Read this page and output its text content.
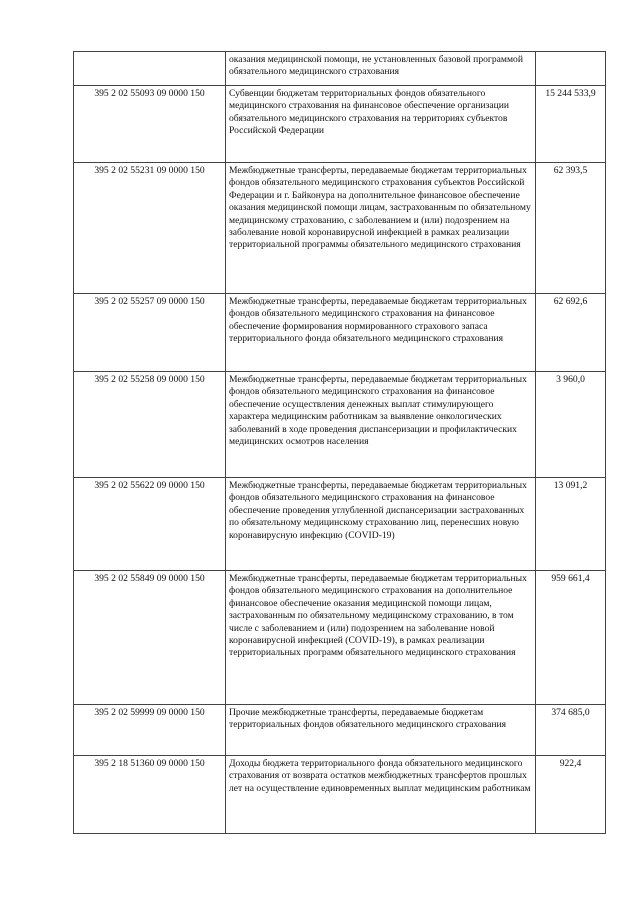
	оказания медицинской помощи, не установленных базовой программой обязательного медицинского страхования	
395 2 02 55093 09 0000 150	Субвенции бюджетам территориальных фондов обязательного медицинского страхования на финансовое обеспечение организации обязательного медицинского страхования на территориях субъектов Российской Федерации	15 244 533,9
395 2 02 55231 09 0000 150	Межбюджетные трансферты, передаваемые бюджетам территориальных фондов обязательного медицинского страхования субъектов Российской Федерации и г. Байконура на дополнительное финансовое обеспечение оказания медицинской помощи лицам, застрахованным по обязательному медицинскому страхованию, с заболеванием и (или) подозрением на заболевание новой коронавирусной инфекцией в рамках реализации территориальной программы обязательного медицинского страхования	62 393,5
395 2 02 55257 09 0000 150	Межбюджетные трансферты, передаваемые бюджетам территориальных фондов обязательного медицинского страхования на финансовое обеспечение формирования нормированного страхового запаса территориального фонда обязательного медицинского страхования	62 692,6
395 2 02 55258 09 0000 150	Межбюджетные трансферты, передаваемые бюджетам территориальных фондов обязательного медицинского страхования на финансовое обеспечение осуществления денежных выплат стимулирующего характера медицинским работникам за выявление онкологических заболеваний в ходе проведения диспансеризации и профилактических медицинских осмотров населения	3 960,0
395 2 02 55622 09 0000 150	Межбюджетные трансферты, передаваемые бюджетам территориальных фондов обязательного медицинского страхования на финансовое обеспечение проведения углубленной диспансеризации застрахованных по обязательному медицинскому страхованию лиц, перенесших новую коронавирусную инфекцию (COVID-19)	13 091,2
395 2 02 55849 09 0000 150	Межбюджетные трансферты, передаваемые бюджетам территориальных фондов обязательного медицинского страхования на дополнительное финансовое обеспечение оказания медицинской помощи лицам, застрахованным по обязательному медицинскому страхованию, в том числе с заболеванием и (или) подозрением на заболевание новой коронавирусной инфекцией (COVID-19), в рамках реализации территориальных программ обязательного медицинского страхования	959 661,4
395 2 02 59999 09 0000 150	Прочие межбюджетные трансферты, передаваемые бюджетам территориальных фондов обязательного медицинского страхования	374 685,0
395 2 18 51360 09 0000 150	Доходы бюджета территориального фонда обязательного медицинского страхования от возврата остатков межбюджетных трансфертов прошлых лет на осуществление единовременных выплат медицинским работникам	922,4
